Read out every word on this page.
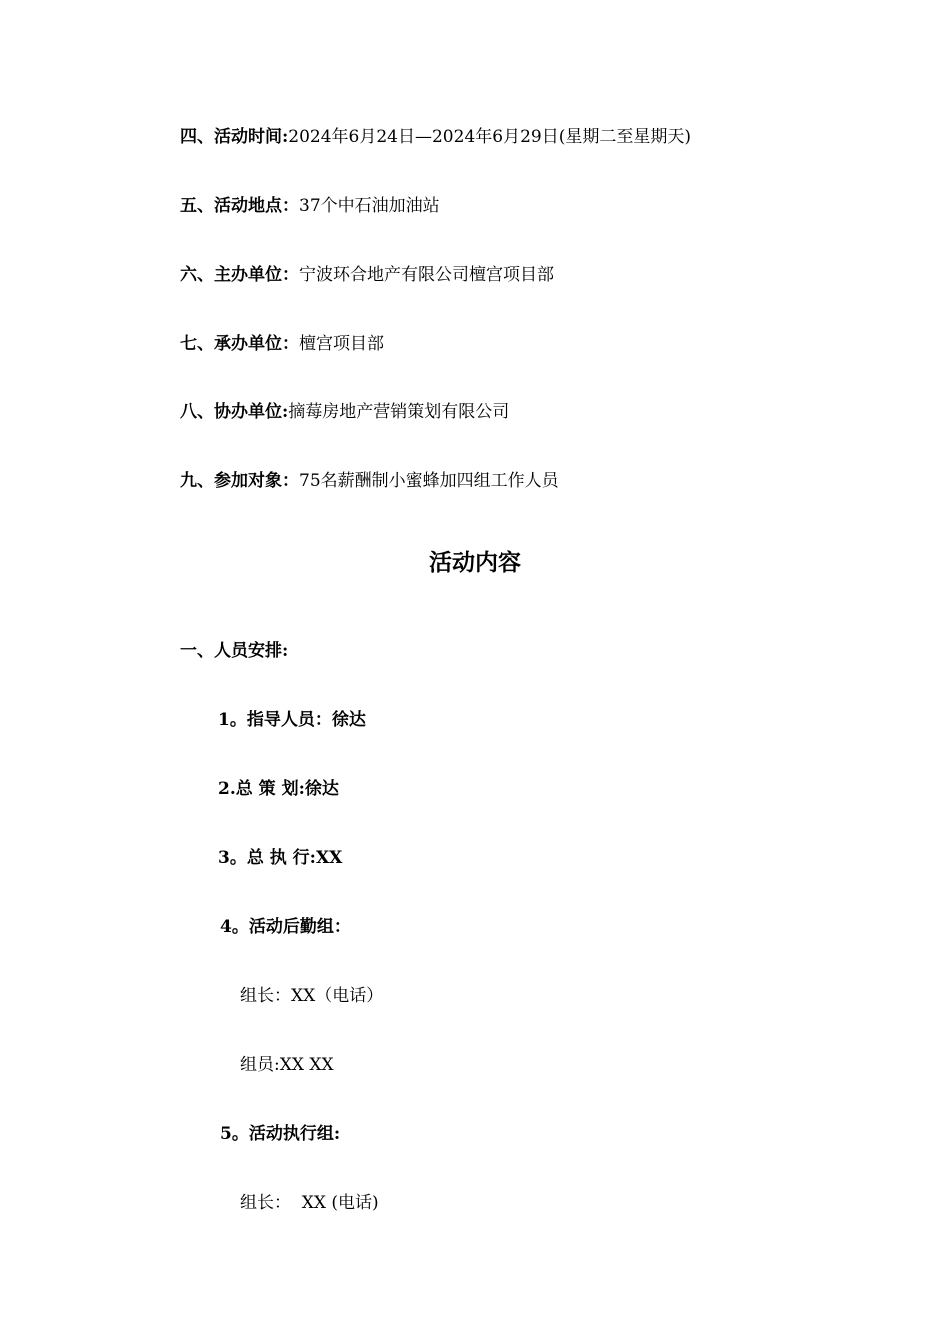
四、活动时间:2024年6月24日—2024年6月29日(星期二至星期天)
五、活动地点：37个中石油加油站
六、主办单位：宁波环合地产有限公司檀宫项目部
七、承办单位：檀宫项目部
八、协办单位:摘莓房地产营销策划有限公司
九、参加对象：75名薪酬制小蜜蜂加四组工作人员
活动内容
一、人员安排:
1。指导人员：徐达
2.总 策 划:徐达
3。总 执 行:XX
4。活动后勤组：
组长：XX（电话）
组员:XX XX
5。活动执行组:
组长：  XX (电话)
